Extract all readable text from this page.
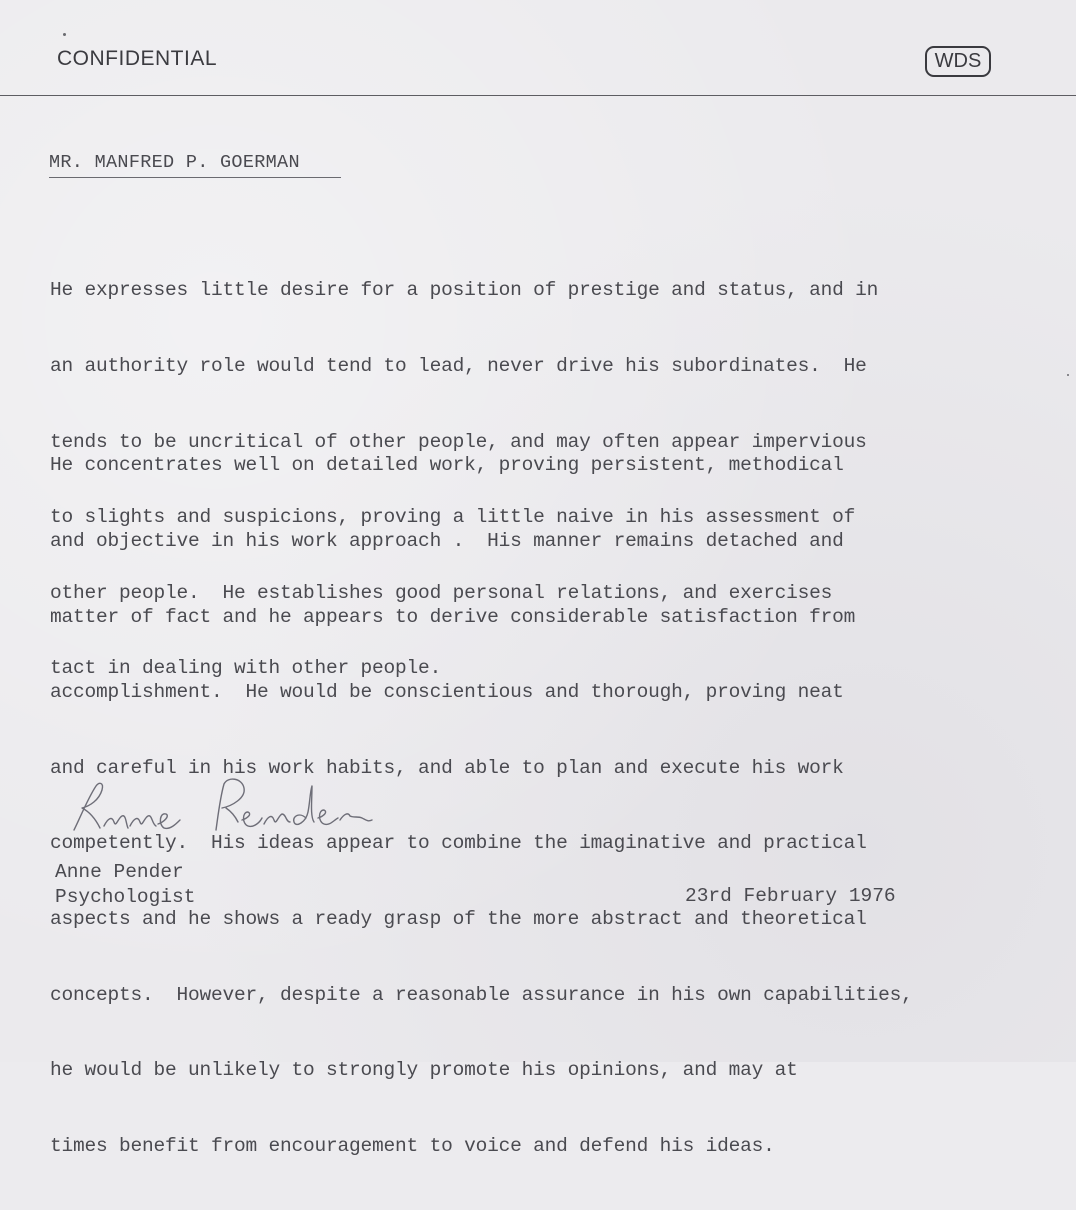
CONFIDENTIAL	WDS
MR. MANFRED P. GOERMAN

He expresses little desire for a position of prestige and status, and in

an authority role would tend to lead, never drive his subordinates.  He

tends to be uncritical of other people, and may often appear impervious

to slights and suspicions, proving a little naive in his assessment of

other people.  He establishes good personal relations, and exercises

tact in dealing with other people.

He concentrates well on detailed work, proving persistent, methodical

and objective in his work approach .  His manner remains detached and

matter of fact and he appears to derive considerable satisfaction from

accomplishment.  He would be conscientious and thorough, proving neat

and careful in his work habits, and able to plan and execute his work

competently.  His ideas appear to combine the imaginative and practical

aspects and he shows a ready grasp of the more abstract and theoretical

concepts.  However, despite a reasonable assurance in his own capabilities,

he would be unlikely to strongly promote his opinions, and may at

times benefit from encouragement to voice and defend his ideas.

Anne Pender
Psychologist	23rd February 1976
